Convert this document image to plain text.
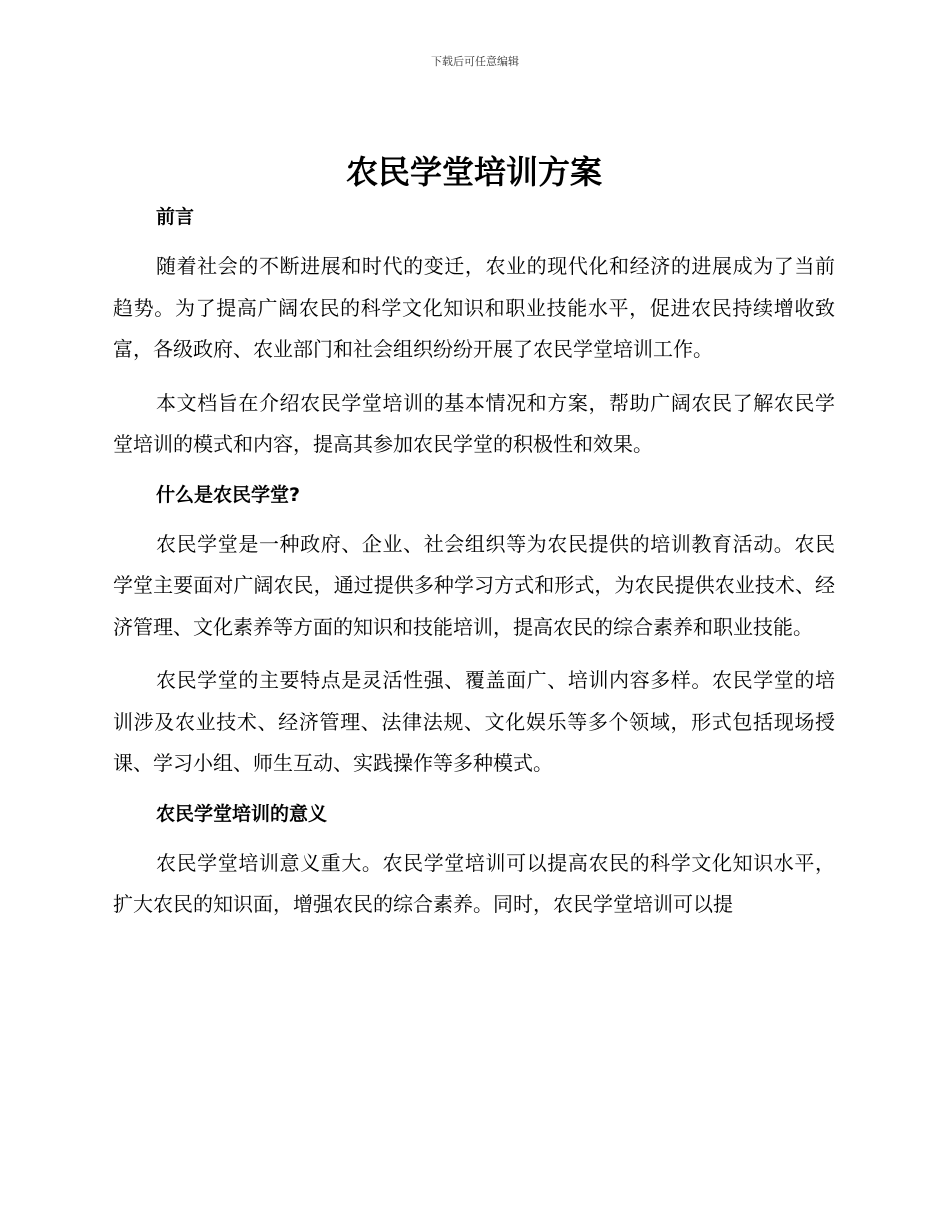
下载后可任意编辑
农民学堂培训方案
前言

随着社会的不断进展和时代的变迁，农业的现代化和经济的进展成为了当前趋势。为了提高广阔农民的科学文化知识和职业技能水平，促进农民持续增收致富，各级政府、农业部门和社会组织纷纷开展了农民学堂培训工作。

本文档旨在介绍农民学堂培训的基本情况和方案，帮助广阔农民了解农民学堂培训的模式和内容，提高其参加农民学堂的积极性和效果。

什么是农民学堂?

农民学堂是一种政府、企业、社会组织等为农民提供的培训教育活动。农民学堂主要面对广阔农民，通过提供多种学习方式和形式，为农民提供农业技术、经济管理、文化素养等方面的知识和技能培训，提高农民的综合素养和职业技能。

农民学堂的主要特点是灵活性强、覆盖面广、培训内容多样。农民学堂的培训涉及农业技术、经济管理、法律法规、文化娱乐等多个领域，形式包括现场授课、学习小组、师生互动、实践操作等多种模式。

农民学堂培训的意义

农民学堂培训意义重大。农民学堂培训可以提高农民的科学文化知识水平，扩大农民的知识面，增强农民的综合素养。同时，农民学堂培训可以提
